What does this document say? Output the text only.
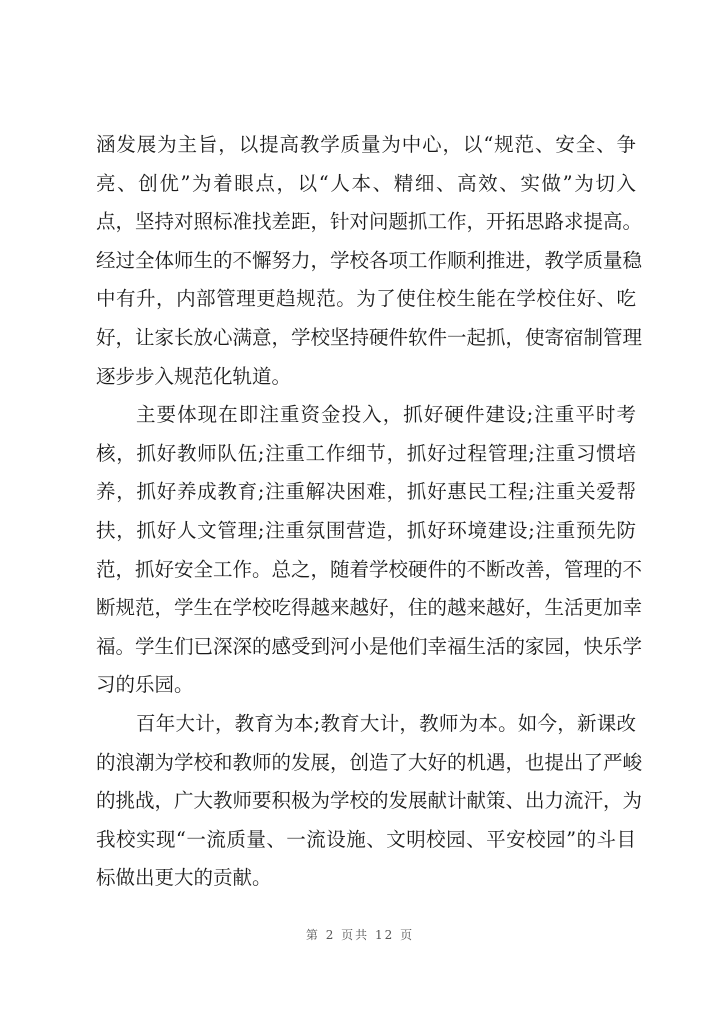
涵发展为主旨，以提高教学质量为中心，以“规范、安全、争
亮、创优”为着眼点，以“人本、精细、高效、实做”为切入
点，坚持对照标准找差距，针对问题抓工作，开拓思路求提高。
经过全体师生的不懈努力，学校各项工作顺利推进，教学质量稳
中有升，内部管理更趋规范。为了使住校生能在学校住好、吃
好，让家长放心满意，学校坚持硬件软件一起抓，使寄宿制管理
逐步步入规范化轨道。
主要体现在即注重资金投入，抓好硬件建设;注重平时考
核，抓好教师队伍;注重工作细节，抓好过程管理;注重习惯培
养，抓好养成教育;注重解决困难，抓好惠民工程;注重关爱帮
扶，抓好人文管理;注重氛围营造，抓好环境建设;注重预先防
范，抓好安全工作。总之，随着学校硬件的不断改善，管理的不
断规范，学生在学校吃得越来越好，住的越来越好，生活更加幸
福。学生们已深深的感受到河小是他们幸福生活的家园，快乐学
习的乐园。
百年大计，教育为本;教育大计，教师为本。如今，新课改
的浪潮为学校和教师的发展，创造了大好的机遇，也提出了严峻
的挑战，广大教师要积极为学校的发展献计献策、出力流汗，为
我校实现“一流质量、一流设施、文明校园、平安校园”的斗目
标做出更大的贡献。
第 2 页共 12 页
